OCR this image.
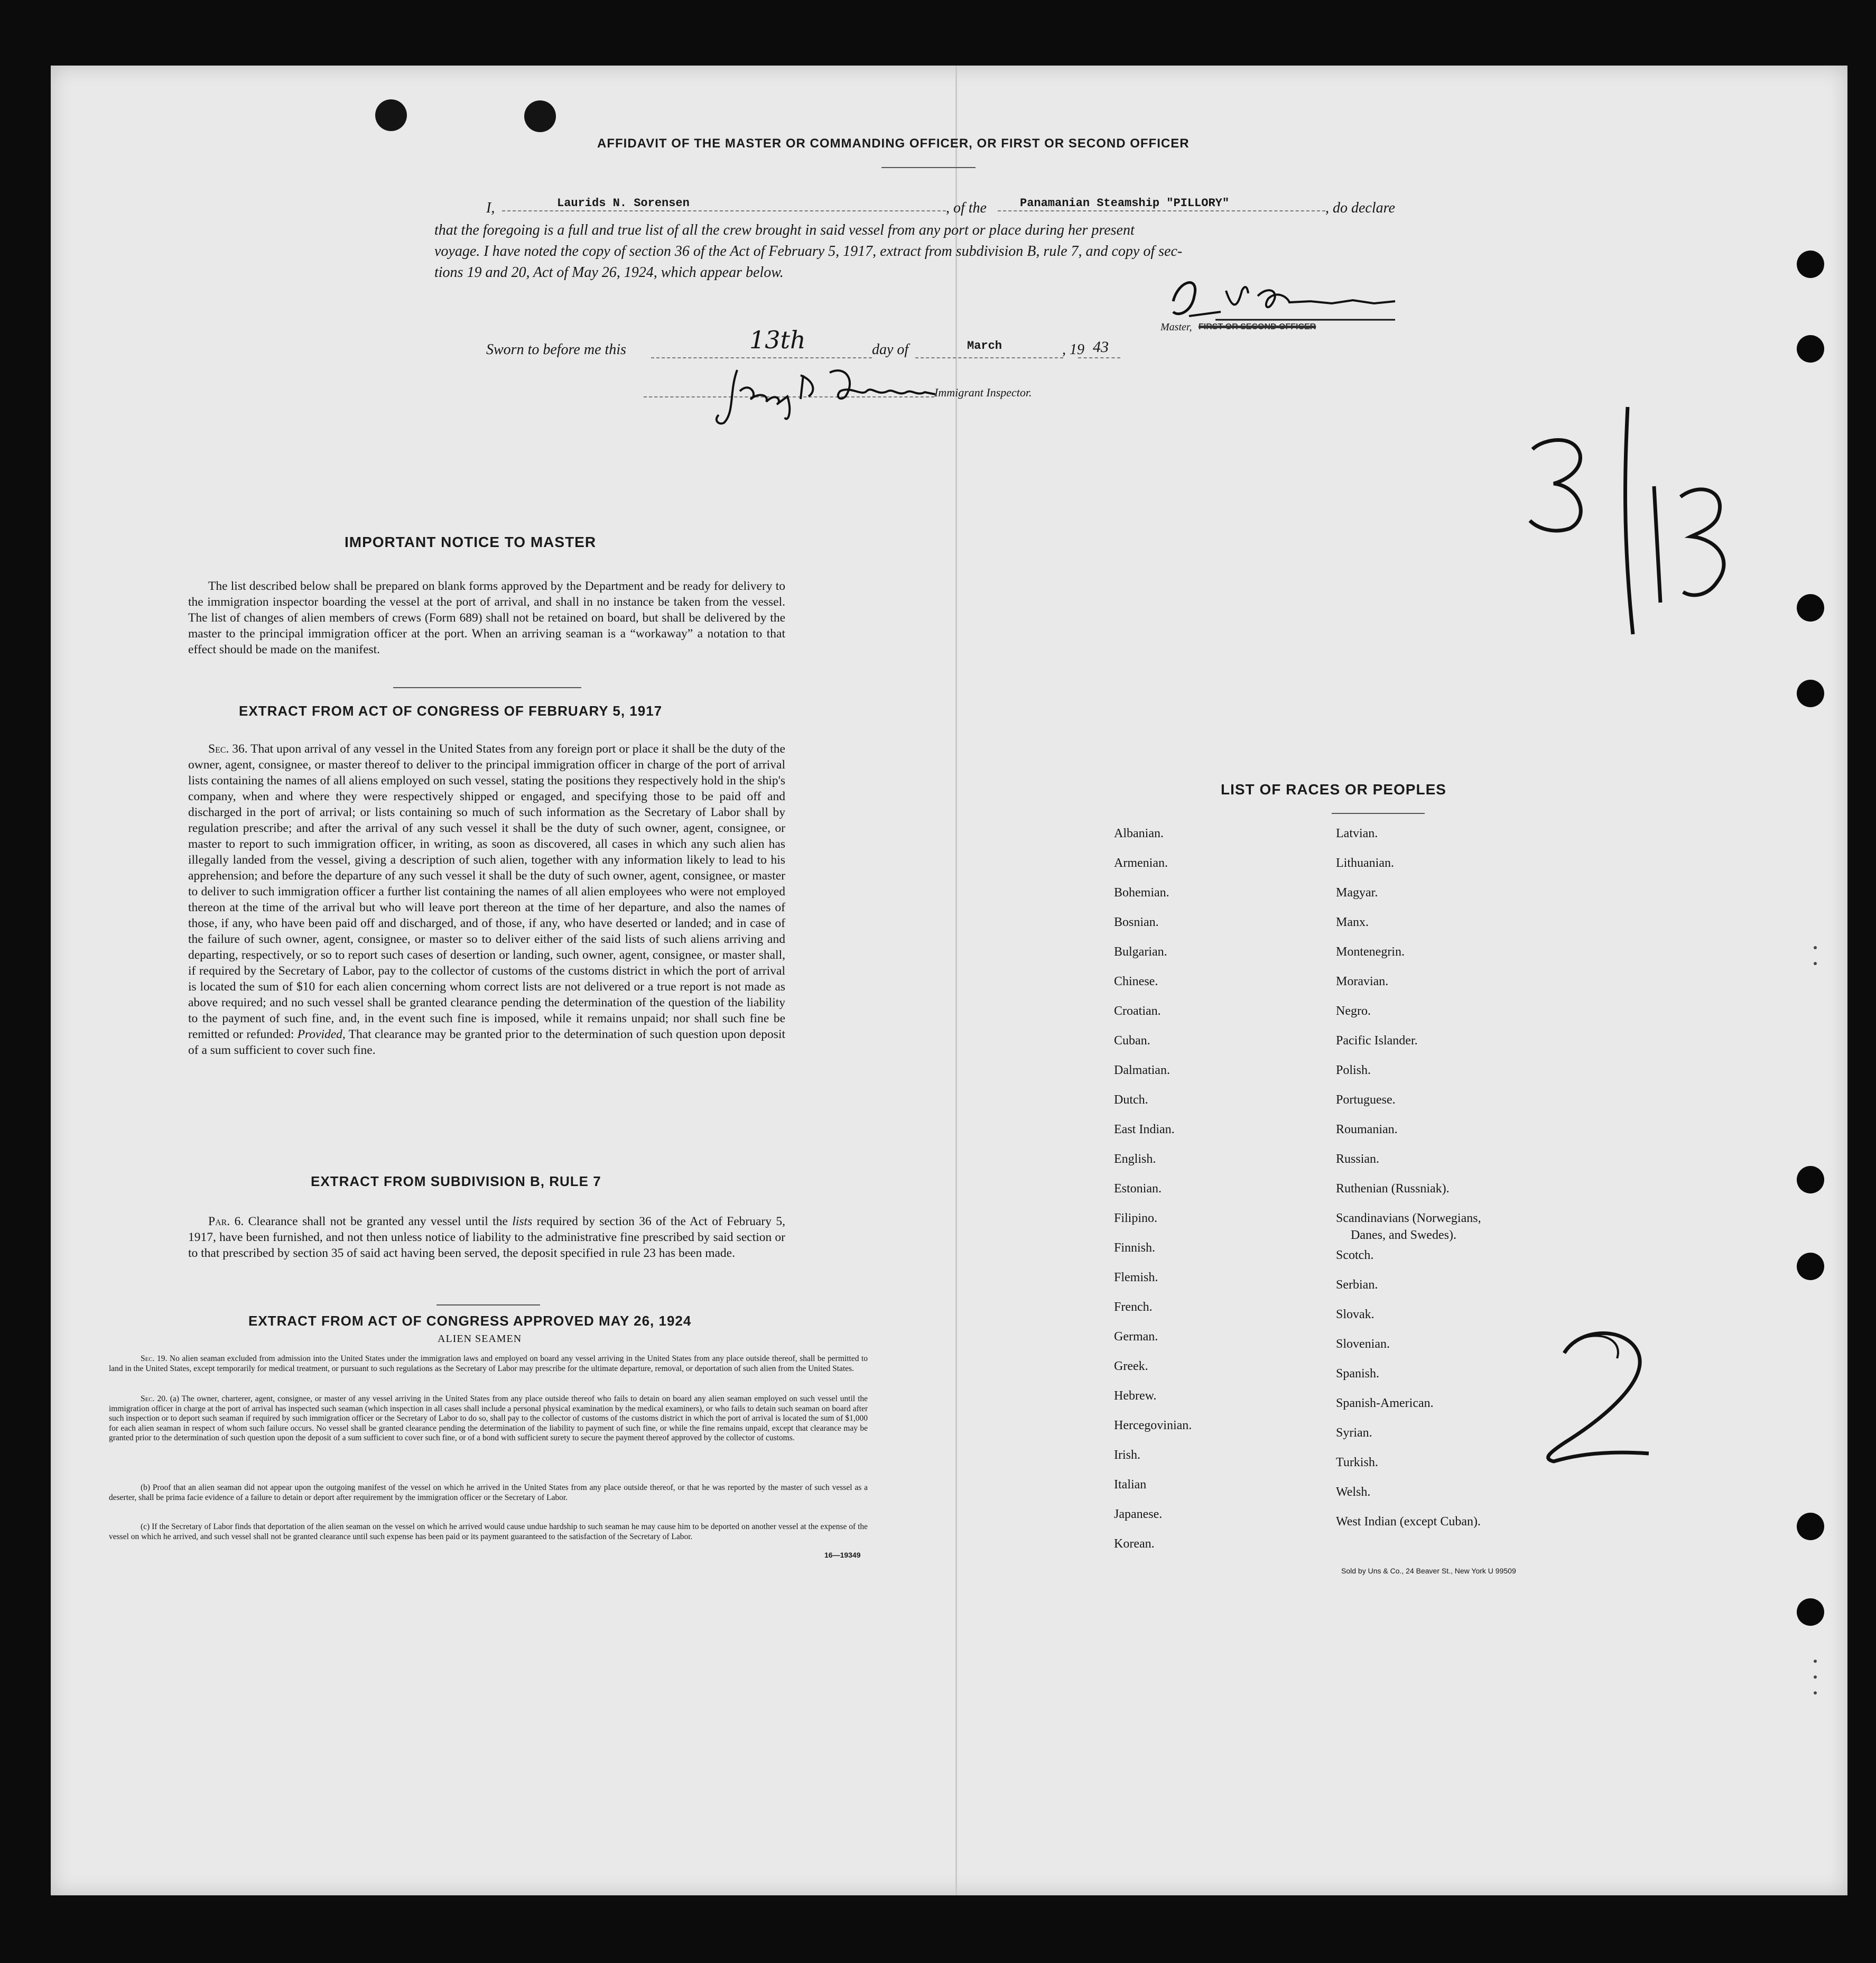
AFFIDAVIT OF THE MASTER OR COMMANDING OFFICER, OR FIRST OR SECOND OFFICER
I,	Laurids N. Sorensen	, of the	Panamanian Steamship "PILLORY"	, do declare
that the foregoing is a full and true list of all the crew brought in said vessel from any port or place during her present
voyage. I have noted the copy of section 36 of the Act of February 5, 1917, extract from subdivision B, rule 7, and copy of sec-
tions 19 and 20, Act of May 26, 1924, which appear below.
Master, FIRST OR SECOND OFFICER
Sworn to before me this	13th	day of	March	, 19 43
Immigrant Inspector.
IMPORTANT NOTICE TO MASTER
The list described below shall be prepared on blank forms approved by the Department and be ready for delivery to the immigration inspector boarding the vessel at the port of arrival, and shall in no instance be taken from the vessel. The list of changes of alien members of crews (Form 689) shall not be retained on board, but shall be delivered by the master to the principal immigration officer at the port. When an arriving seaman is a “workaway” a notation to that effect should be made on the manifest.
EXTRACT FROM ACT OF CONGRESS OF FEBRUARY 5, 1917
Sec. 36. That upon arrival of any vessel in the United States from any foreign port or place it shall be the duty of the owner, agent, consignee, or master thereof to deliver to the principal immigration officer in charge of the port of arrival lists containing the names of all aliens employed on such vessel, stating the positions they respectively hold in the ship's company, when and where they were respectively shipped or engaged, and specifying those to be paid off and discharged in the port of arrival; or lists containing so much of such information as the Secretary of Labor shall by regulation prescribe; and after the arrival of any such vessel it shall be the duty of such owner, agent, consignee, or master to report to such immigration officer, in writing, as soon as discovered, all cases in which any such alien has illegally landed from the vessel, giving a description of such alien, together with any information likely to lead to his apprehension; and before the departure of any such vessel it shall be the duty of such owner, agent, consignee, or master to deliver to such immigration officer a further list containing the names of all alien employees who were not employed thereon at the time of the arrival but who will leave port thereon at the time of her departure, and also the names of those, if any, who have been paid off and discharged, and of those, if any, who have deserted or landed; and in case of the failure of such owner, agent, consignee, or master so to deliver either of the said lists of such aliens arriving and departing, respectively, or so to report such cases of desertion or landing, such owner, agent, consignee, or master shall, if required by the Secretary of Labor, pay to the collector of customs of the customs district in which the port of arrival is located the sum of $10 for each alien concerning whom correct lists are not delivered or a true report is not made as above required; and no such vessel shall be granted clearance pending the determination of the question of the liability to the payment of such fine, and, in the event such fine is imposed, while it remains unpaid; nor shall such fine be remitted or refunded: Provided, That clearance may be granted prior to the determination of such question upon deposit of a sum sufficient to cover such fine.
EXTRACT FROM SUBDIVISION B, RULE 7
Par. 6. Clearance shall not be granted any vessel until the lists required by section 36 of the Act of February 5, 1917, have been furnished, and not then unless notice of liability to the administrative fine prescribed by said section or to that prescribed by section 35 of said act having been served, the deposit specified in rule 23 has been made.
EXTRACT FROM ACT OF CONGRESS APPROVED MAY 26, 1924
ALIEN SEAMEN
Sec. 19. No alien seaman excluded from admission into the United States under the immigration laws and employed on board any vessel arriving in the United States from any place outside thereof, shall be permitted to land in the United States, except temporarily for medical treatment, or pursuant to such regulations as the Secretary of Labor may prescribe for the ultimate departure, removal, or deportation of such alien from the United States.
Sec. 20. (a) The owner, charterer, agent, consignee, or master of any vessel arriving in the United States from any place outside thereof who fails to detain on board any alien seaman employed on such vessel until the immigration officer in charge at the port of arrival has inspected such seaman (which inspection in all cases shall include a personal physical examination by the medical examiners), or who fails to detain such seaman on board after such inspection or to deport such seaman if required by such immigration officer or the Secretary of Labor to do so, shall pay to the collector of customs of the customs district in which the port of arrival is located the sum of $1,000 for each alien seaman in respect of whom such failure occurs. No vessel shall be granted clearance pending the determination of the liability to payment of such fine, or while the fine remains unpaid, except that clearance may be granted prior to the determination of such question upon the deposit of a sum sufficient to cover such fine, or of a bond with sufficient surety to secure the payment thereof approved by the collector of customs.
(b) Proof that an alien seaman did not appear upon the outgoing manifest of the vessel on which he arrived in the United States from any place outside thereof, or that he was reported by the master of such vessel as a deserter, shall be prima facie evidence of a failure to detain or deport after requirement by the immigration officer or the Secretary of Labor.
(c) If the Secretary of Labor finds that deportation of the alien seaman on the vessel on which he arrived would cause undue hardship to such seaman he may cause him to be deported on another vessel at the expense of the vessel on which he arrived, and such vessel shall not be granted clearance until such expense has been paid or its payment guaranteed to the satisfaction of the Secretary of Labor.
16—19349
LIST OF RACES OR PEOPLES
Albanian.
Armenian.
Bohemian.
Bosnian.
Bulgarian.
Chinese.
Croatian.
Cuban.
Dalmatian.
Dutch.
East Indian.
English.
Estonian.
Filipino.
Finnish.
Flemish.
French.
German.
Greek.
Hebrew.
Hercegovinian.
Irish.
Italian
Japanese.
Korean.
Latvian.
Lithuanian.
Magyar.
Manx.
Montenegrin.
Moravian.
Negro.
Pacific Islander.
Polish.
Portuguese.
Roumanian.
Russian.
Ruthenian (Russniak).
Scandinavians (Norwegians,
Danes, and Swedes).
Scotch.
Serbian.
Slovak.
Slovenian.
Spanish.
Spanish-American.
Syrian.
Turkish.
Welsh.
West Indian (except Cuban).
Sold by Uns & Co., 24 Beaver St., New York U 99509
